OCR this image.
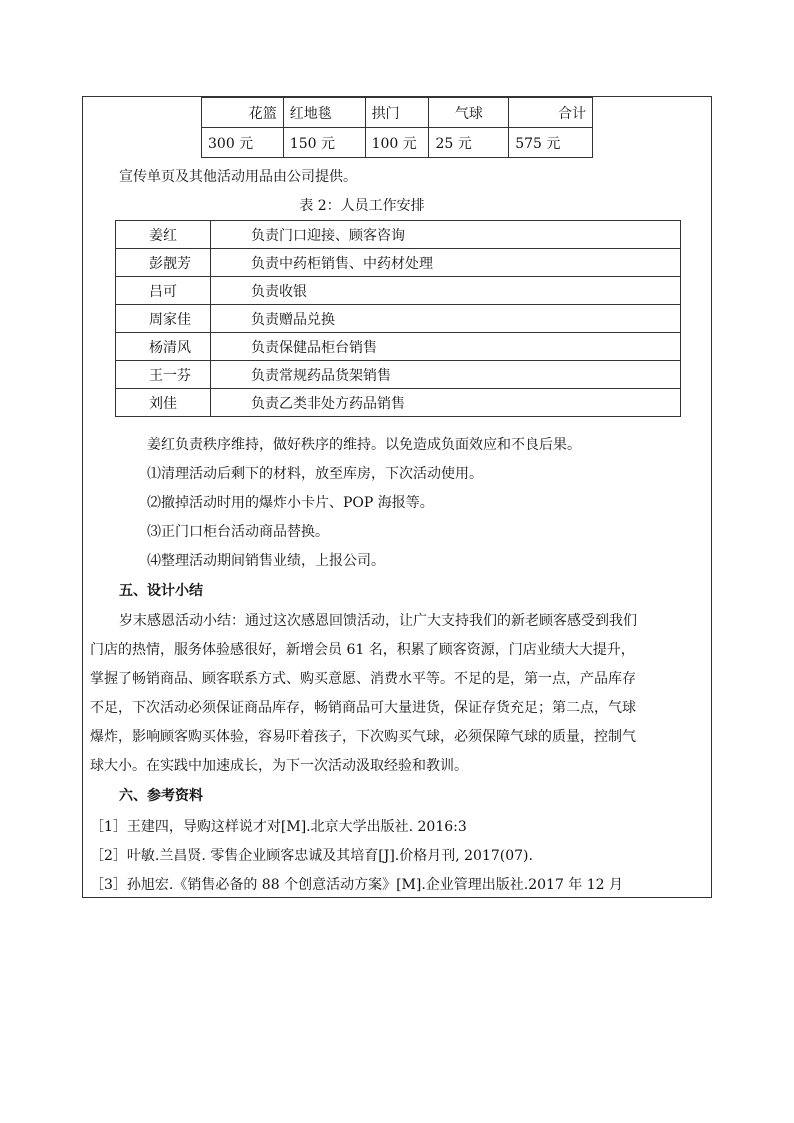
花篮	红地毯	拱门	气球	合计
300 元	150 元	100 元	25 元	575 元
宣传单页及其他活动用品由公司提供。
表 2：人员工作安排
姜红	负责门口迎接、顾客咨询
彭靓芳	负责中药柜销售、中药材处理
吕可	负责收银
周家佳	负责赠品兑换
杨清风	负责保健品柜台销售
王一芬	负责常规药品货架销售
刘佳	负责乙类非处方药品销售
姜红负责秩序维持，做好秩序的维持。以免造成负面效应和不良后果。
⑴清理活动后剩下的材料，放至库房，下次活动使用。
⑵撤掉活动时用的爆炸小卡片、POP 海报等。
⑶正门口柜台活动商品替换。
⑷整理活动期间销售业绩，上报公司。
五、设计小结
岁末感恩活动小结：通过这次感恩回馈活动，让广大支持我们的新老顾客感受到我们
门店的热情，服务体验感很好，新增会员 61 名，积累了顾客资源，门店业绩大大提升，
掌握了畅销商品、顾客联系方式、购买意愿、消费水平等。不足的是，第一点，产品库存
不足，下次活动必须保证商品库存，畅销商品可大量进货，保证存货充足；第二点，气球
爆炸，影响顾客购买体验，容易吓着孩子，下次购买气球，必须保障气球的质量，控制气
球大小。在实践中加速成长，为下一次活动汲取经验和教训。
六、参考资料
［1］王建四，导购这样说才对[M].北京大学出版社. 2016:3
［2］叶敏.兰昌贤. 零售企业顾客忠诚及其培育[J].价格月刊, 2017(07).
［3］孙旭宏.《销售必备的 88 个创意活动方案》[M].企业管理出版社.2017 年 12 月
